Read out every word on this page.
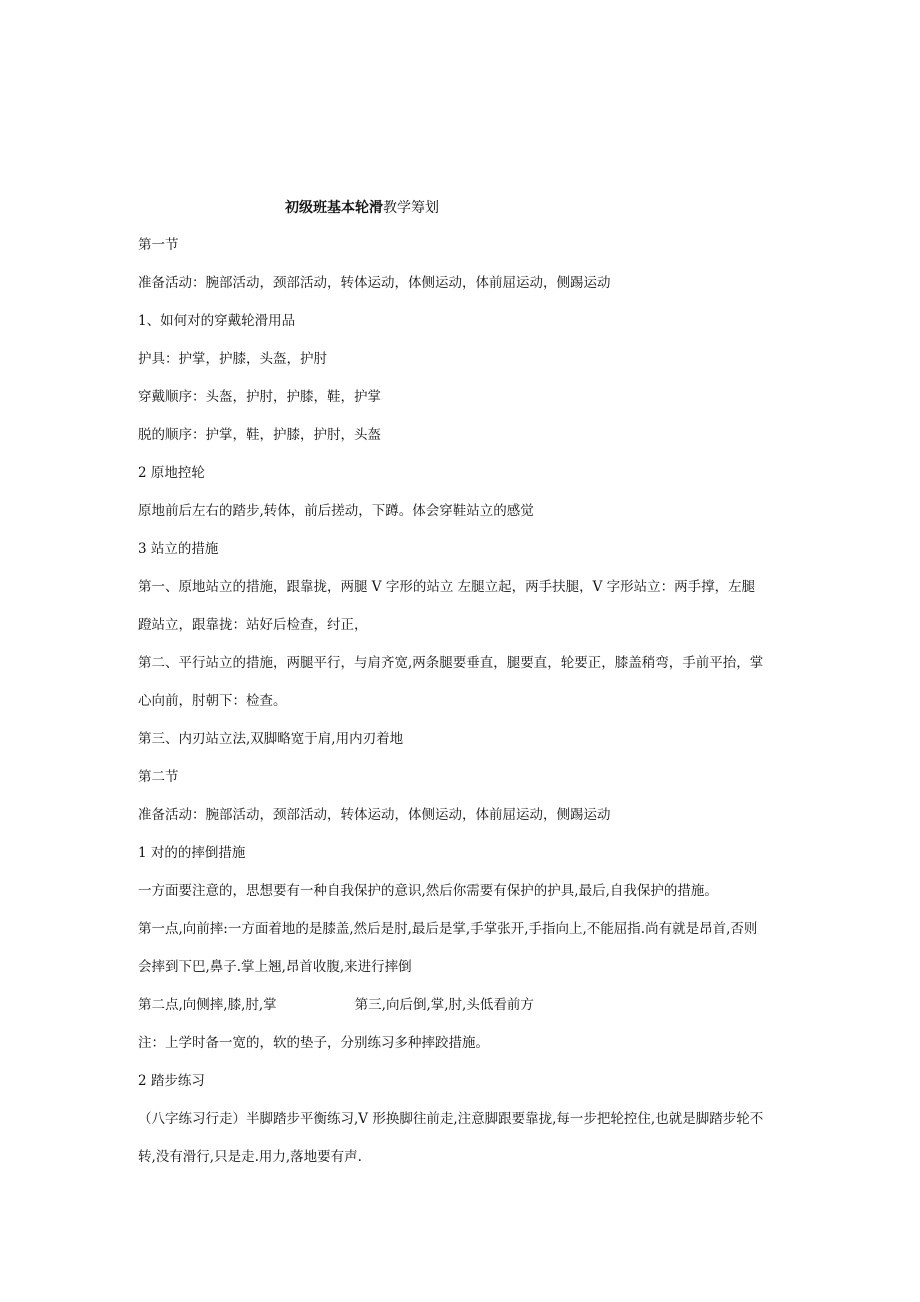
初级班基本轮滑教学筹划
第一节
准备活动：腕部活动，颈部活动，转体运动，体侧运动，体前屈运动，侧踢运动
1、如何对的穿戴轮滑用品
护具：护掌，护膝，头盔，护肘
穿戴顺序：头盔，护肘，护膝，鞋，护掌
脱的顺序：护掌，鞋，护膝，护肘，头盔
2 原地控轮
原地前后左右的踏步,转体，前后搓动，下蹲。体会穿鞋站立的感觉
3 站立的措施
第一、原地站立的措施，跟靠拢，两腿 V 字形的站立 左腿立起，两手扶腿，V 字形站立：两手撑，左腿
蹬站立，跟靠拢：站好后检查，纣正，
第二、平行站立的措施，两腿平行，与肩齐宽,两条腿要垂直，腿要直，轮要正，膝盖稍弯，手前平抬，掌
心向前，肘朝下：检查。
第三、内刃站立法,双脚略宽于肩,用内刃着地
第二节
准备活动：腕部活动，颈部活动，转体运动，体侧运动，体前屈运动，侧踢运动
1 对的的摔倒措施
一方面要注意的，思想要有一种自我保护的意识,然后你需要有保护的护具,最后,自我保护的措施。
第一点,向前摔:一方面着地的是膝盖,然后是肘,最后是掌,手掌张开,手指向上,不能屈指.尚有就是昂首,否则
会摔到下巴,鼻子.掌上翘,昂首收腹,来进行摔倒
第二点,向侧摔,膝,肘,掌	第三,向后倒,掌,肘,头低看前方
注：上学时备一宽的，软的垫子，分别练习多种摔跤措施。
2 踏步练习
（八字练习行走）半脚踏步平衡练习,V 形换脚往前走,注意脚跟要靠拢,每一步把轮控住,也就是脚踏步轮不
转,没有滑行,只是走.用力,落地要有声.
